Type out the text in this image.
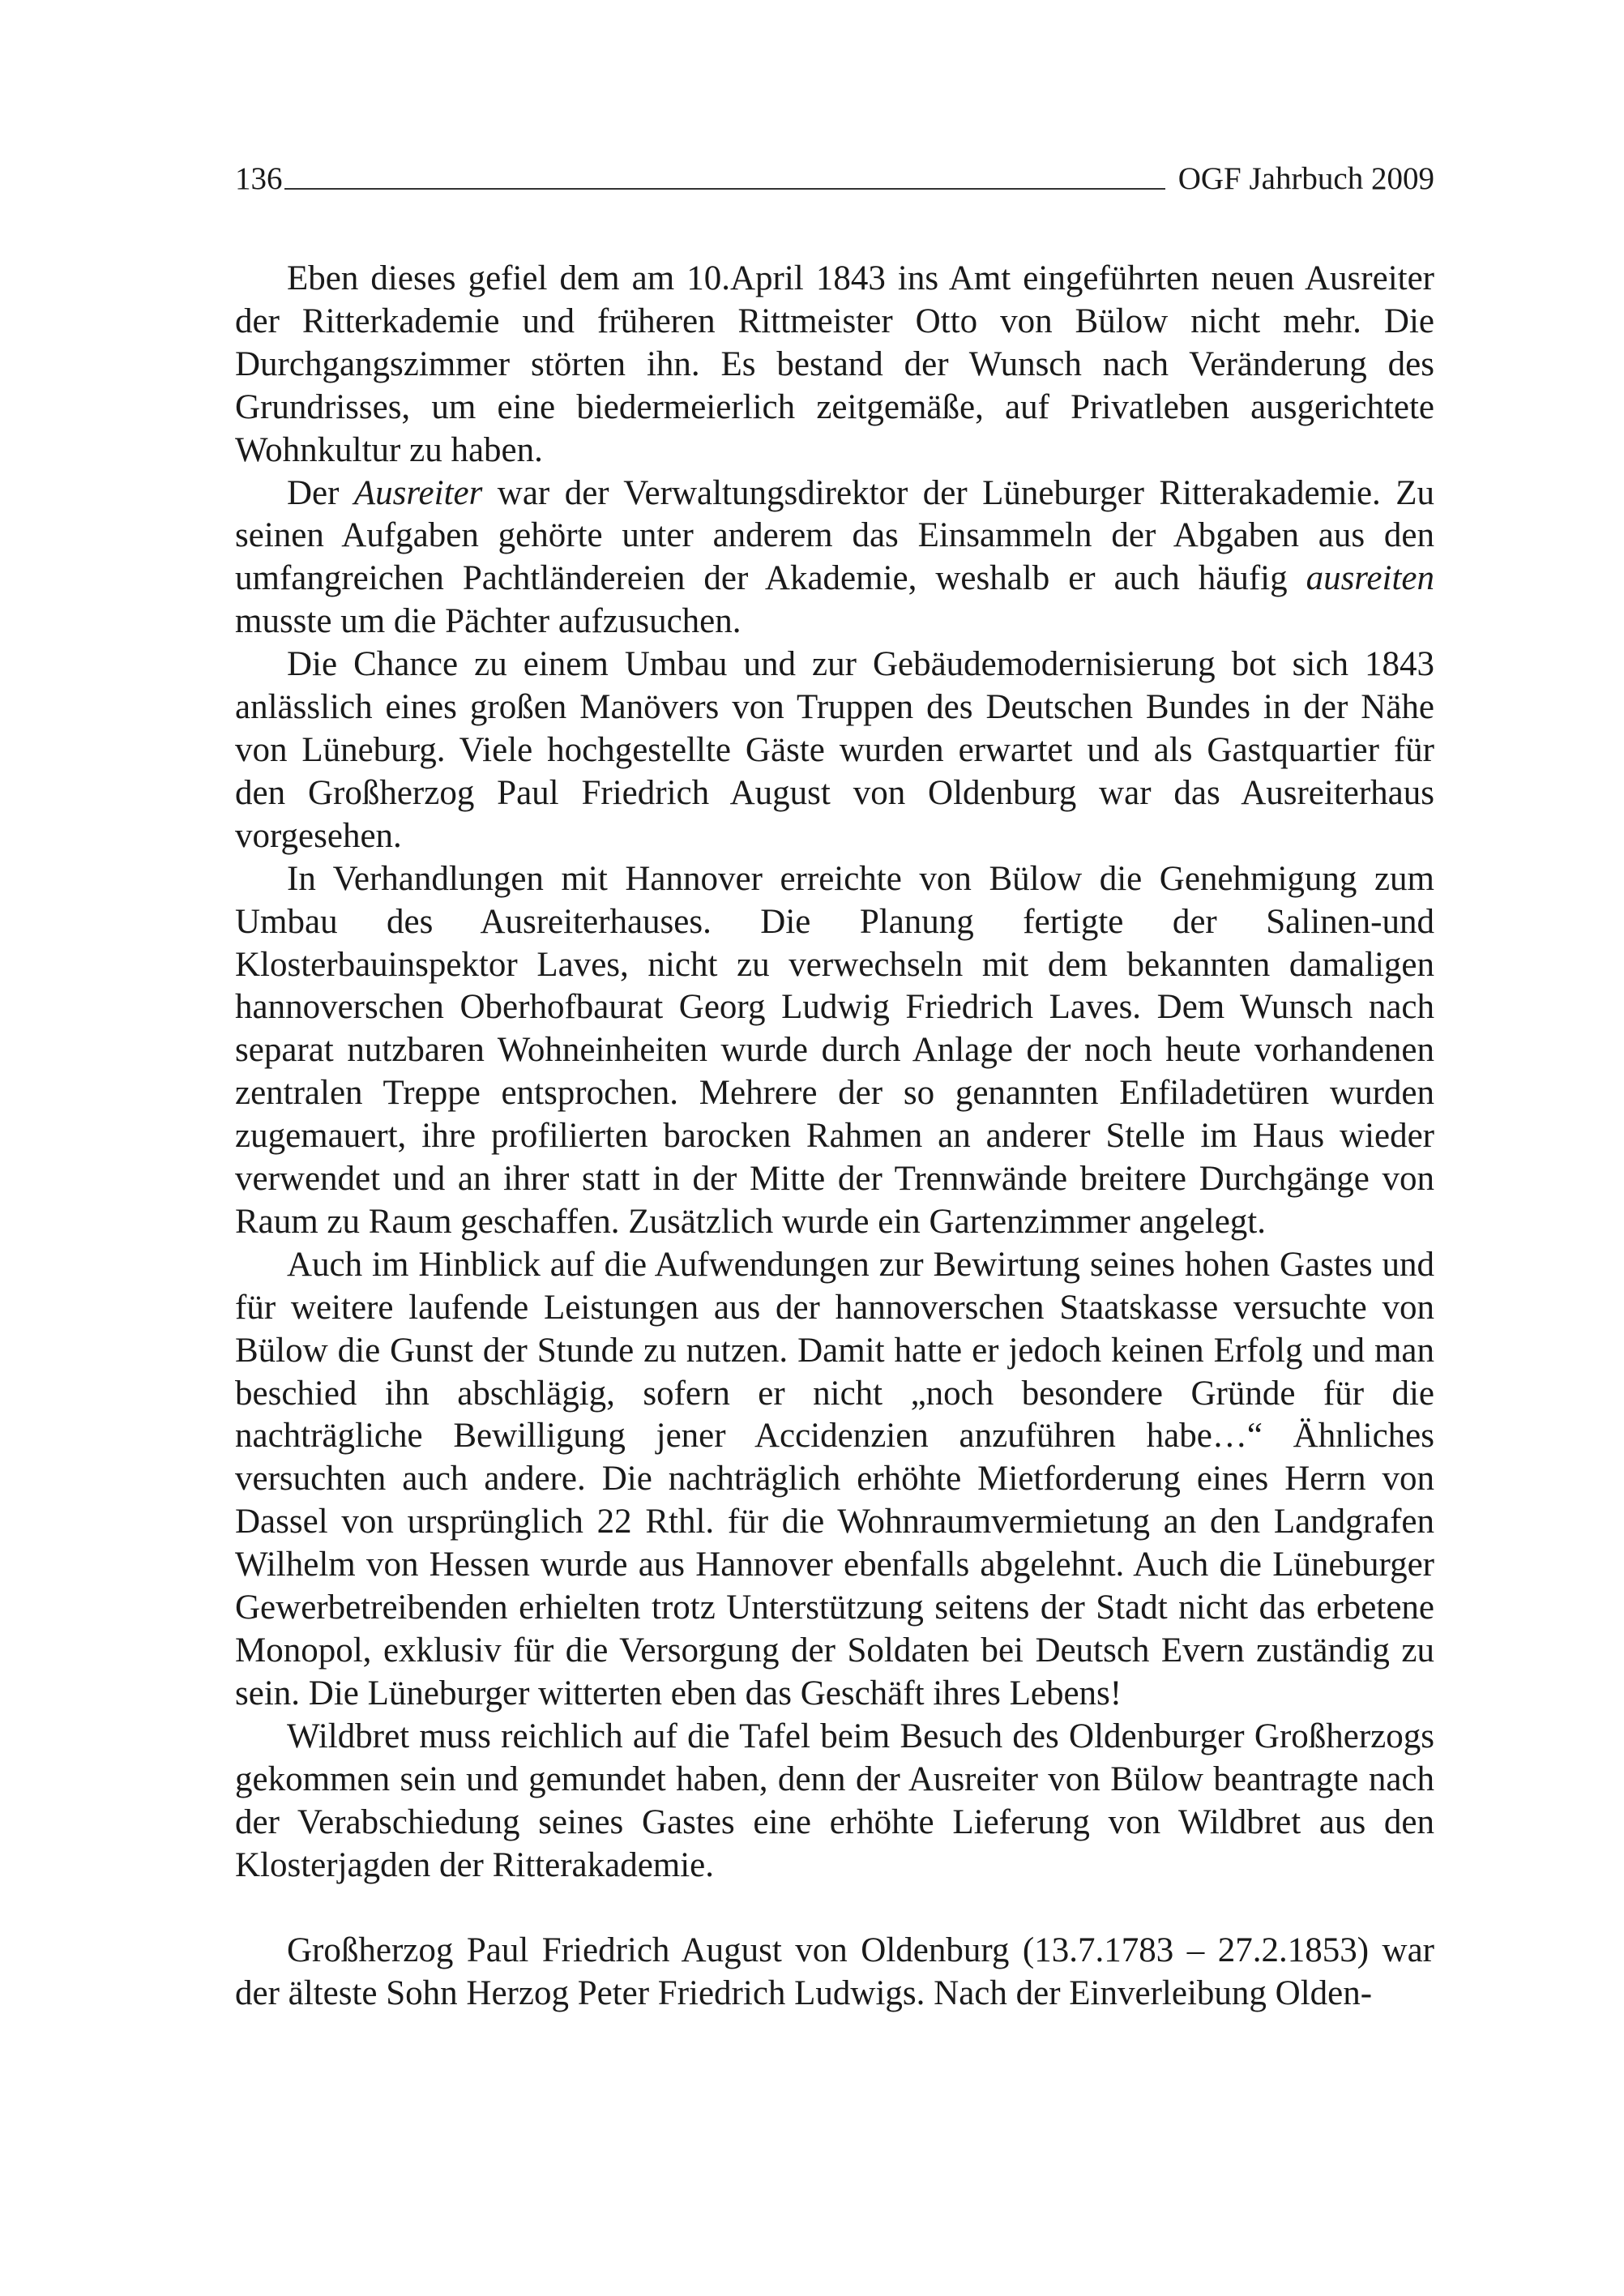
136	OGF Jahrbuch 2009

Eben dieses gefiel dem am 10.April 1843 ins Amt eingeführten neuen Ausreiter der Ritterkademie und früheren Rittmeister Otto von Bülow nicht mehr. Die Durchgangszimmer störten ihn. Es bestand der Wunsch nach Veränderung des Grundrisses, um eine biedermeierlich zeitgemäße, auf Privatleben ausgerichtete Wohnkultur zu haben.

Der Ausreiter war der Verwaltungsdirektor der Lüneburger Ritterakademie. Zu seinen Aufgaben gehörte unter anderem das Einsammeln der Abgaben aus den umfangreichen Pachtländereien der Akademie, weshalb er auch häufig ausreiten musste um die Pächter aufzusuchen.

Die Chance zu einem Umbau und zur Gebäudemodernisierung bot sich 1843 anlässlich eines großen Manövers von Truppen des Deutschen Bundes in der Nähe von Lüneburg. Viele hochgestellte Gäste wurden erwartet und als Gastquartier für den Großherzog Paul Friedrich August von Oldenburg war das Ausreiterhaus vorgesehen.

In Verhandlungen mit Hannover erreichte von Bülow die Genehmigung zum Umbau des Ausreiterhauses. Die Planung fertigte der Salinen-und Klosterbauinspektor Laves, nicht zu verwechseln mit dem bekannten damaligen hannoverschen Oberhofbaurat Georg Ludwig Friedrich Laves. Dem Wunsch nach separat nutzbaren Wohneinheiten wurde durch Anlage der noch heute vorhandenen zentralen Treppe entsprochen. Mehrere der so genannten Enfiladetüren wurden zugemauert, ihre profilierten barocken Rahmen an anderer Stelle im Haus wieder verwendet und an ihrer statt in der Mitte der Trennwände breitere Durchgänge von Raum zu Raum geschaffen. Zusätzlich wurde ein Gartenzimmer angelegt.

Auch im Hinblick auf die Aufwendungen zur Bewirtung seines hohen Gastes und für weitere laufende Leistungen aus der hannoverschen Staatskasse versuchte von Bülow die Gunst der Stunde zu nutzen. Damit hatte er jedoch keinen Erfolg und man beschied ihn abschlägig, sofern er nicht „noch besondere Gründe für die nachträgliche Bewilligung jener Accidenzien anzuführen habe…“ Ähnliches versuchten auch andere. Die nachträglich erhöhte Mietforderung eines Herrn von Dassel von ursprünglich 22 Rthl. für die Wohnraumvermietung an den Landgrafen Wilhelm von Hessen wurde aus Hannover ebenfalls abgelehnt. Auch die Lüneburger Gewerbetreibenden erhielten trotz Unterstützung seitens der Stadt nicht das erbetene Monopol, exklusiv für die Versorgung der Soldaten bei Deutsch Evern zuständig zu sein. Die Lüneburger witterten eben das Geschäft ihres Lebens!

Wildbret muss reichlich auf die Tafel beim Besuch des Oldenburger Großherzogs gekommen sein und gemundet haben, denn der Ausreiter von Bülow beantragte nach der Verabschiedung seines Gastes eine erhöhte Lieferung von Wildbret aus den Klosterjagden der Ritterakademie.

Großherzog Paul Friedrich August von Oldenburg (13.7.1783 – 27.2.1853) war der älteste Sohn Herzog Peter Friedrich Ludwigs. Nach der Einverleibung Olden-
